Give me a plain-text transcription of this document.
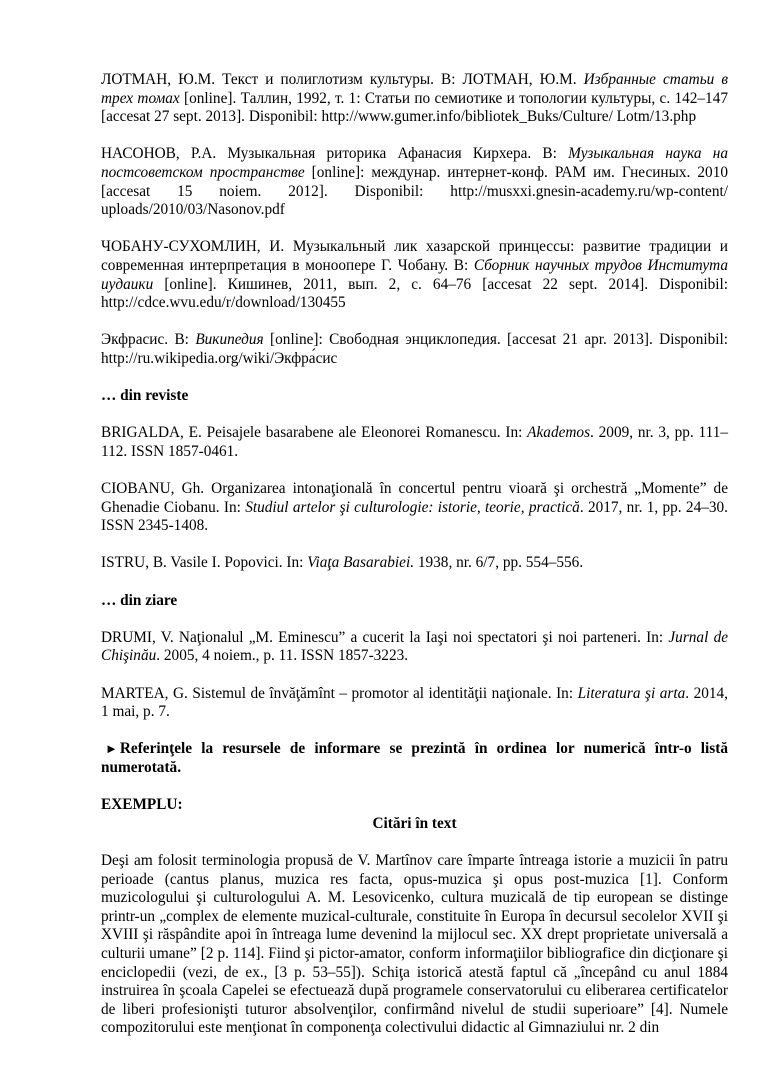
ЛОТМАН, Ю.М. Текст и полиглотизм культуры. В: ЛОТМАН, Ю.М. Избранные статьи в трех томах [online]. Таллин, 1992, т. 1: Статьи по семиотике и топологии культуры, с. 142–147 [accesat 27 sept. 2013]. Disponibil: http://www.gumer.info/bibliotek_Buks/Culture/ Lotm/13.php

НАСОНОВ, Р.А. Музыкальная риторика Афанасия Кирхера. В: Музыкальная наука на постсоветском пространстве [online]: междунар. интернет-конф. РАМ им. Гнесиных. 2010 [accesat 15 noiem. 2012]. Disponibil: http://musxxi.gnesin-academy.ru/wp-content/ uploads/2010/03/Nasonov.pdf

ЧОБАНУ-СУХОМЛИН, И. Музыкальный лик хазарской принцессы: развитие традиции и современная интерпретация в моноопере Г. Чобану. В: Сборник научных трудов Института иудаики [online]. Кишинев, 2011, вып. 2, с. 64–76 [accesat 22 sept. 2014]. Disponibil: http://cdce.wvu.edu/r/download/130455

Экфрасис. В: Википедия [online]: Свободная энциклопедия. [accesat 21 apr. 2013]. Disponibil: http://ru.wikipedia.org/wiki/Экфра́сис

… din reviste

BRIGALDA, E. Peisajele basarabene ale Eleonorei Romanescu. In: Akademos. 2009, nr. 3, pp. 111–112. ISSN 1857-0461.

CIOBANU, Gh. Organizarea intonaţională în concertul pentru vioară şi orchestră „Momente” de Ghenadie Ciobanu. In: Studiul artelor şi culturologie: istorie, teorie, practică. 2017, nr. 1, pp. 24–30. ISSN 2345-1408.

ISTRU, B. Vasile I. Popovici. In: Viaţa Basarabiei. 1938, nr. 6/7, pp. 554–556.

… din ziare

DRUMI, V. Naţionalul „M. Eminescu” a cucerit la Iaşi noi spectatori şi noi parteneri. In: Jurnal de Chişinău. 2005, 4 noiem., p. 11. ISSN 1857-3223.

MARTEA, G. Sistemul de învăţămînt – promotor al identităţii naţionale. In: Literatura şi arta. 2014, 1 mai, p. 7.

► Referinţele la resursele de informare se prezintă în ordinea lor numerică într-o listă numerotată.

EXEMPLU:

Citări în text

Deşi am folosit terminologia propusă de V. Martînov care împarte întreaga istorie a muzicii în patru perioade (cantus planus, muzica res facta, opus-muzica şi opus post-muzica [1]. Conform muzicologului şi culturologului A. M. Lesovicenko, cultura muzicală de tip european se distinge printr-un „complex de elemente muzical-culturale, constituite în Europa în decursul secolelor XVII şi XVIII şi răspândite apoi în întreaga lume devenind la mijlocul sec. XX drept proprietate universală a culturii umane” [2 p. 114]. Fiind şi pictor-amator, conform informaţiilor bibliografice din dicţionare şi enciclopedii (vezi, de ex., [3 p. 53–55]). Schiţa istorică atestă faptul că „începând cu anul 1884 instruirea în şcoala Capelei se efectuează după programele conservatorului cu eliberarea certificatelor de liberi profesionişti tuturor absolvenţilor, confirmând nivelul de studii superioare” [4]. Numele compozitorului este menţionat în componenţa colectivului didactic al Gimnaziului nr. 2 din
